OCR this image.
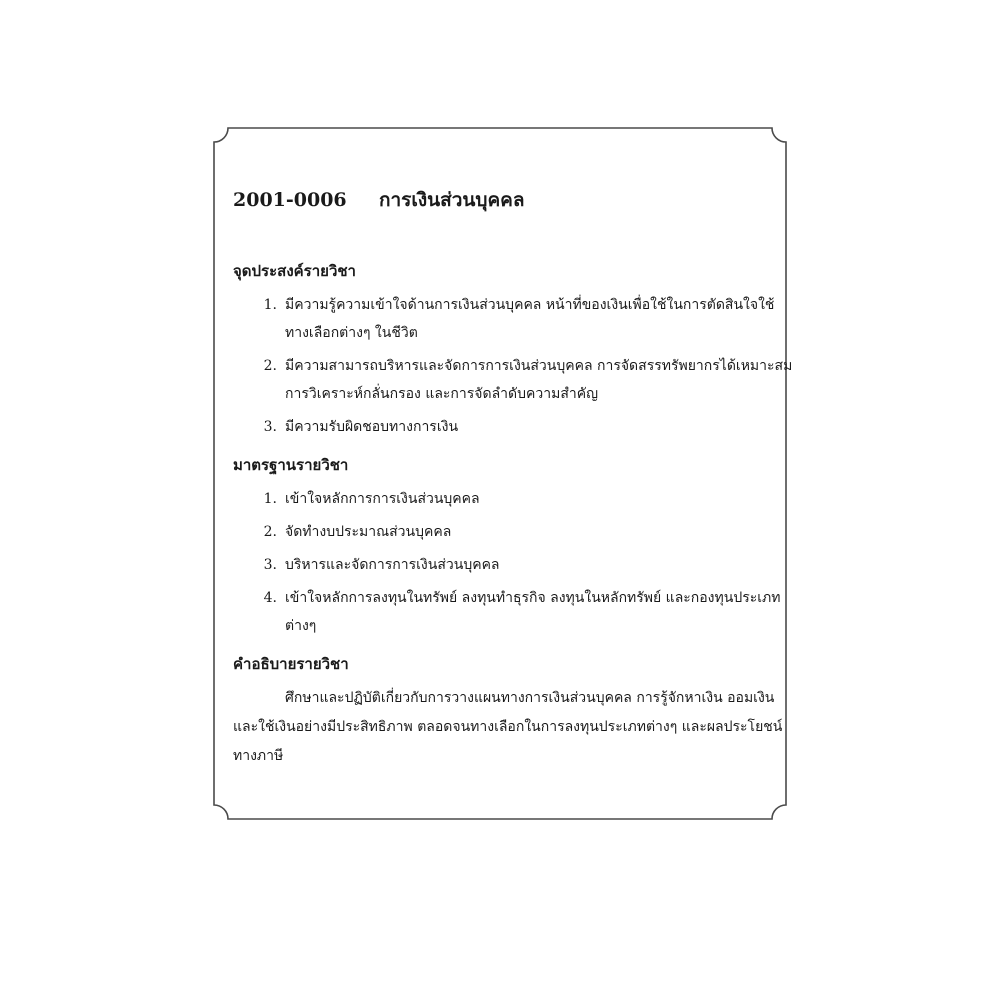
2001-0006	การเงินส่วนบุคคล
จุดประสงค์รายวิชา
1. มีความรู้ความเข้าใจด้านการเงินส่วนบุคคล หน้าที่ของเงินเพื่อใช้ในการตัดสินใจใช้ทางเลือกต่างๆ ในชีวิต
2. มีความสามารถบริหารและจัดการการเงินส่วนบุคคล การจัดสรรทรัพยากรได้เหมาะสม การวิเคราะห์กลั่นกรอง และการจัดลำดับความสำคัญ
3. มีความรับผิดชอบทางการเงิน
มาตรฐานรายวิชา
1. เข้าใจหลักการการเงินส่วนบุคคล
2. จัดทำงบประมาณส่วนบุคคล
3. บริหารและจัดการการเงินส่วนบุคคล
4. เข้าใจหลักการลงทุนในทรัพย์ ลงทุนทำธุรกิจ ลงทุนในหลักทรัพย์ และกองทุนประเภทต่างๆ
คำอธิบายรายวิชา

ศึกษาและปฏิบัติเกี่ยวกับการวางแผนทางการเงินส่วนบุคคล การรู้จักหาเงิน ออมเงิน และใช้เงินอย่างมีประสิทธิภาพ ตลอดจนทางเลือกในการลงทุนประเภทต่างๆ และผลประโยชน์ทางภาษี
